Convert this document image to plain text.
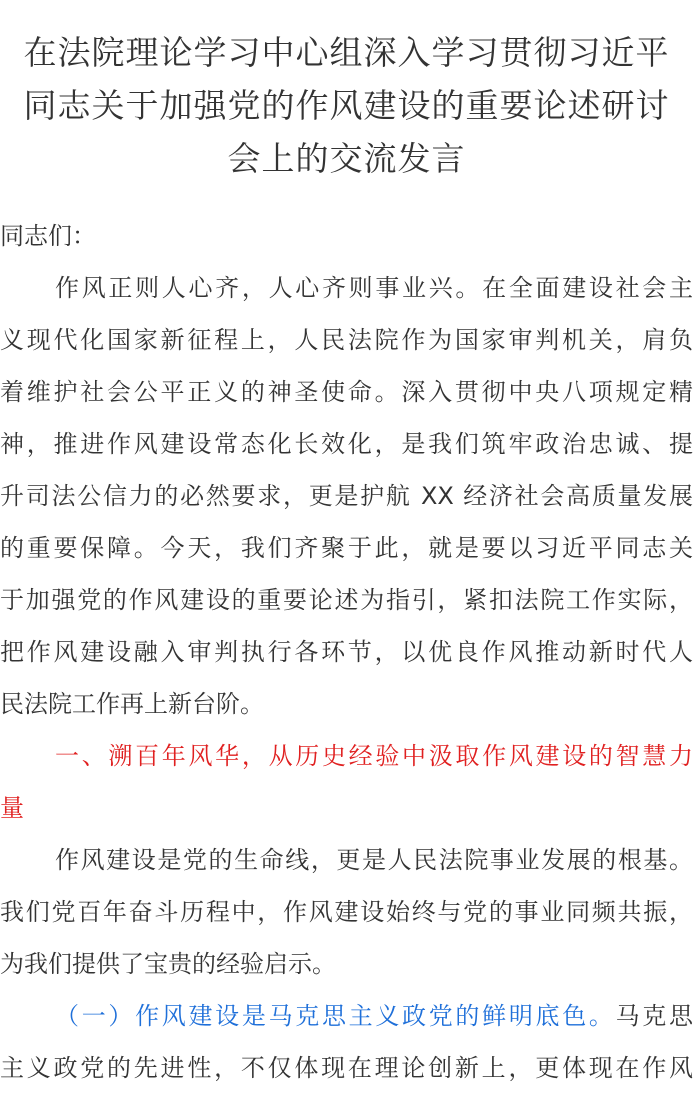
在法院理论学习中心组深入学习贯彻习近平
同志关于加强党的作风建设的重要论述研讨
会上的交流发言
同志们：
作风正则人心齐，人心齐则事业兴。在全面建设社会主
义现代化国家新征程上，人民法院作为国家审判机关，肩负
着维护社会公平正义的神圣使命。深入贯彻中央八项规定精
神，推进作风建设常态化长效化，是我们筑牢政治忠诚、提
升司法公信力的必然要求，更是护航 XX 经济社会高质量发展
的重要保障。今天，我们齐聚于此，就是要以习近平同志关
于加强党的作风建设的重要论述为指引，紧扣法院工作实际，
把作风建设融入审判执行各环节，以优良作风推动新时代人
民法院工作再上新台阶。
一、溯百年风华，从历史经验中汲取作风建设的智慧力
量
作风建设是党的生命线，更是人民法院事业发展的根基。
我们党百年奋斗历程中，作风建设始终与党的事业同频共振，
为我们提供了宝贵的经验启示。
（一）作风建设是马克思主义政党的鲜明底色。马克思
主义政党的先进性，不仅体现在理论创新上，更体现在作风
